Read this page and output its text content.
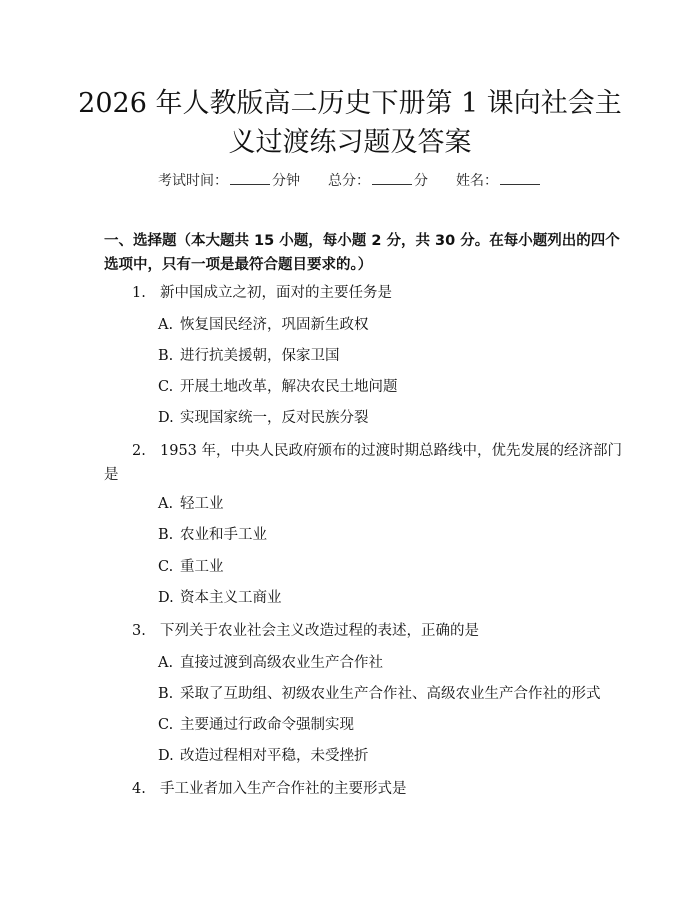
2026 年人教版高二历史下册第 1 课向社会主
义过渡练习题及答案
考试时间：	分钟 总分：	分 姓名：
一、选择题（本大题共 15 小题，每小题 2 分，共 30 分。在每小题列出的四个选项中，只有一项是最符合题目要求的。）
1. 新中国成立之初，面对的主要任务是
A. 恢复国民经济，巩固新生政权
B. 进行抗美援朝，保家卫国
C. 开展土地改革，解决农民土地问题
D. 实现国家统一，反对民族分裂
2. 1953 年，中央人民政府颁布的过渡时期总路线中，优先发展的经济部门是
A. 轻工业
B. 农业和手工业
C. 重工业
D. 资本主义工商业
3. 下列关于农业社会主义改造过程的表述，正确的是
A. 直接过渡到高级农业生产合作社
B. 采取了互助组、初级农业生产合作社、高级农业生产合作社的形式
C. 主要通过行政命令强制实现
D. 改造过程相对平稳，未受挫折
4. 手工业者加入生产合作社的主要形式是
